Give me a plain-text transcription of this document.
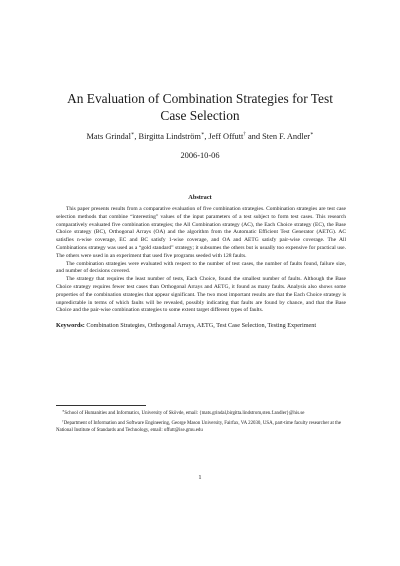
An Evaluation of Combination Strategies for Test Case Selection
Mats Grindal∗, Birgitta Lindström∗, Jeff Offutt† and Sten F. Andler∗
2006-10-06
Abstract

This paper presents results from a comparative evaluation of five combination strategies. Combination strategies are test case selection methods that combine “interesting” values of the input parameters of a test subject to form test cases. This research comparatively evaluated five combination strategies; the All Combination strategy (AC), the Each Choice strategy (EC), the Base Choice strategy (BC), Orthogonal Arrays (OA) and the algorithm from the Automatic Efficient Test Generator (AETG). AC satisfies n-wise coverage, EC and BC satisfy 1-wise coverage, and OA and AETG satisfy pair-wise coverage. The All Combinations strategy was used as a “gold standard” strategy; it subsumes the others but is usually too expensive for practical use. The others were used in an experiment that used five programs seeded with 128 faults.

The combination strategies were evaluated with respect to the number of test cases, the number of faults found, failure size, and number of decisions covered.

The strategy that requires the least number of tests, Each Choice, found the smallest number of faults. Although the Base Choice strategy requires fewer test cases than Orthogonal Arrays and AETG, it found as many faults. Analysis also shows some properties of the combination strategies that appear significant. The two most important results are that the Each Choice strategy is unpredictable in terms of which faults will be revealed, possibly indicating that faults are found by chance, and that the Base Choice and the pair-wise combination strategies to some extent target different types of faults.

Keywords: Combination Strategies, Orthogonal Arrays, AETG, Test Case Selection, Testing Experiment

∗School of Humanities and Informatics, University of Skövde, email: {mats.grindal,birgitta.lindstrom,sten.f.andler}@his.se

†Department of Information and Software Engineering, George Mason University, Fairfax, VA 22030, USA, part-time faculty researcher at the National Institute of Standards and Technology, email: offutt@ise.gmu.edu

1
